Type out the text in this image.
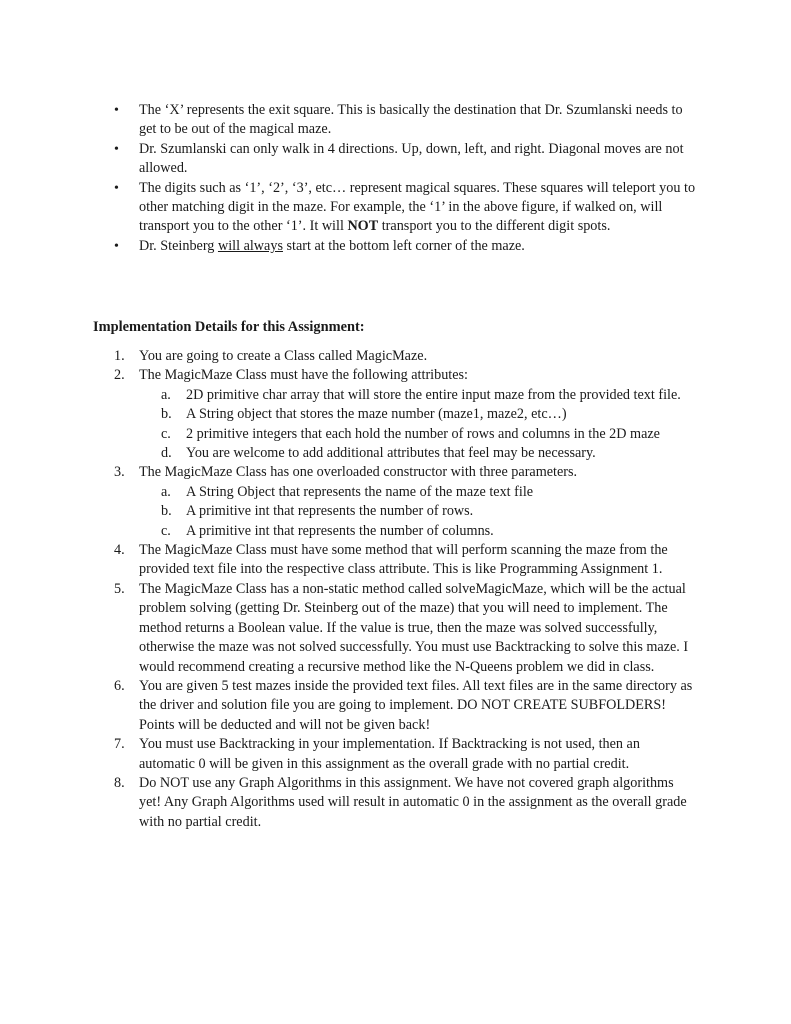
• The ‘X’ represents the exit square. This is basically the destination that Dr. Szumlanski needs to get to be out of the magical maze.
• Dr. Szumlanski can only walk in 4 directions. Up, down, left, and right. Diagonal moves are not allowed.
• The digits such as ‘1’, ‘2’, ‘3’, etc… represent magical squares. These squares will teleport you to other matching digit in the maze. For example, the ‘1’ in the above figure, if walked on, will transport you to the other ‘1’. It will NOT transport you to the different digit spots.
• Dr. Steinberg will always start at the bottom left corner of the maze.

Implementation Details for this Assignment:

1. You are going to create a Class called MagicMaze.
2. The MagicMaze Class must have the following attributes:
a. 2D primitive char array that will store the entire input maze from the provided text file.
b. A String object that stores the maze number (maze1, maze2, etc…)
c. 2 primitive integers that each hold the number of rows and columns in the 2D maze
d. You are welcome to add additional attributes that feel may be necessary.
3. The MagicMaze Class has one overloaded constructor with three parameters.
a. A String Object that represents the name of the maze text file
b. A primitive int that represents the number of rows.
c. A primitive int that represents the number of columns.
4. The MagicMaze Class must have some method that will perform scanning the maze from the provided text file into the respective class attribute. This is like Programming Assignment 1.
5. The MagicMaze Class has a non-static method called solveMagicMaze, which will be the actual problem solving (getting Dr. Steinberg out of the maze) that you will need to implement. The method returns a Boolean value. If the value is true, then the maze was solved successfully, otherwise the maze was not solved successfully. You must use Backtracking to solve this maze. I would recommend creating a recursive method like the N-Queens problem we did in class.
6. You are given 5 test mazes inside the provided text files. All text files are in the same directory as the driver and solution file you are going to implement. DO NOT CREATE SUBFOLDERS! Points will be deducted and will not be given back!
7. You must use Backtracking in your implementation. If Backtracking is not used, then an automatic 0 will be given in this assignment as the overall grade with no partial credit.
8. Do NOT use any Graph Algorithms in this assignment. We have not covered graph algorithms yet! Any Graph Algorithms used will result in automatic 0 in the assignment as the overall grade with no partial credit.
